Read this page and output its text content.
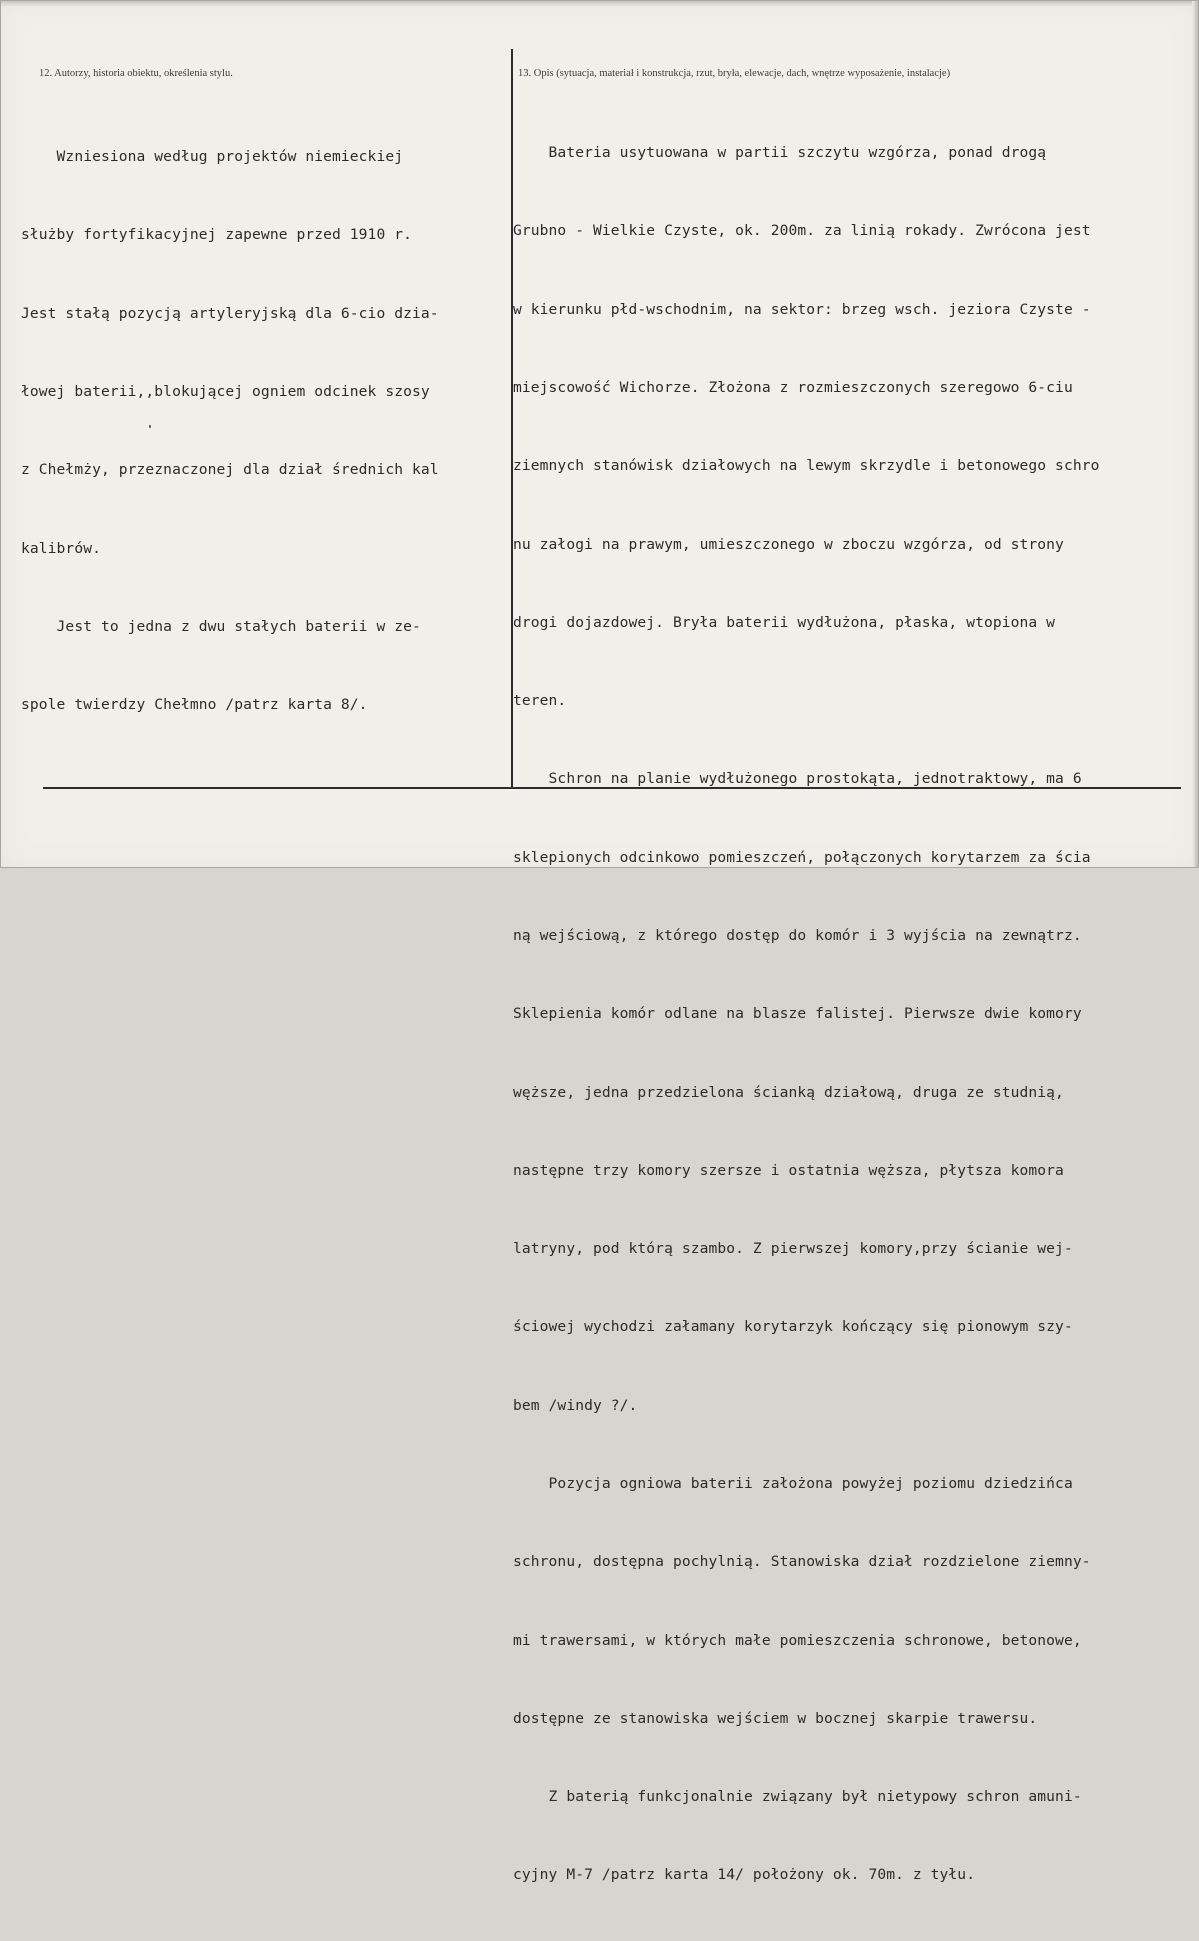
12. Autorzy, historia obiektu, określenia stylu.	13. Opis (sytuacja, materiał i konstrukcja, rzut, bryła, elewacje, dach, wnętrze wyposażenie, instalacje)

Wzniesiona według projektów niemieckiej

służby fortyfikacyjnej zapewne przed 1910 r.

Jest stałą pozycją artyleryjską dla 6-cio dzia-

łowej baterii,,blokującej ogniem odcinek szosy

z Chełmży, przeznaczonej dla dział średnich kal

kalibrów.

Jest to jedna z dwu stałych baterii w ze-

spole twierdzy Chełmno /patrz karta 8/.

Bateria usytuowana w partii szczytu wzgórza, ponad drogą

Grubno - Wielkie Czyste, ok. 200m. za linią rokady. Zwrócona jest

w kierunku płd-wschodnim, na sektor: brzeg wsch. jeziora Czyste -

miejscowość Wichorze. Złożona z rozmieszczonych szeregowo 6-ciu

ziemnych stanówisk działowych na lewym skrzydle i betonowego schro

nu załogi na prawym, umieszczonego w zboczu wzgórza, od strony

drogi dojazdowej. Bryła baterii wydłużona, płaska, wtopiona w

teren.

Schron na planie wydłużonego prostokąta, jednotraktowy, ma 6

sklepionych odcinkowo pomieszczeń, połączonych korytarzem za ścia

ną wejściową, z którego dostęp do komór i 3 wyjścia na zewnątrz.

Sklepienia komór odlane na blasze falistej. Pierwsze dwie komory

węższe, jedna przedzielona ścianką działową, druga ze studnią,

następne trzy komory szersze i ostatnia węższa, płytsza komora

latryny, pod którą szambo. Z pierwszej komory,przy ścianie wej-

ściowej wychodzi załamany korytarzyk kończący się pionowym szy-

bem /windy ?/.

Pozycja ogniowa baterii założona powyżej poziomu dziedzińca

schronu, dostępna pochylnią. Stanowiska dział rozdzielone ziemny-

mi trawersami, w których małe pomieszczenia schronowe, betonowe,

dostępne ze stanowiska wejściem w bocznej skarpie trawersu.

Z baterią funkcjonalnie związany był nietypowy schron amuni-

cyjny M-7 /patrz karta 14/ położony ok. 70m. z tyłu.
